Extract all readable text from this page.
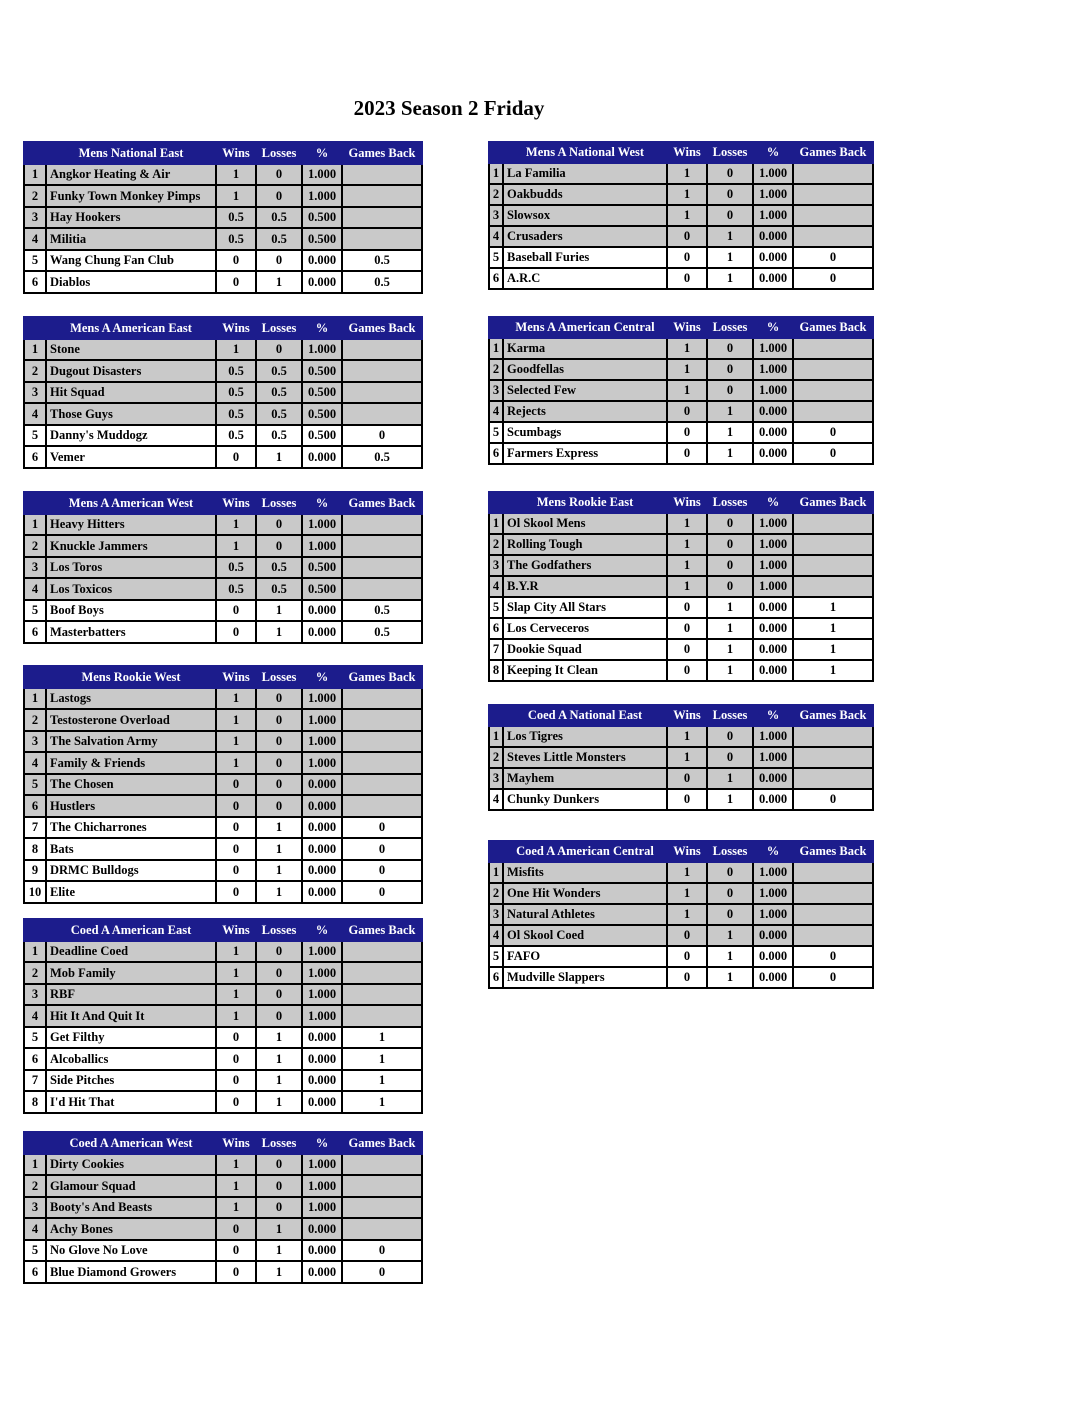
2023 Season 2 Friday
	Mens National East	Wins	Losses	%	Games Back
1	Angkor Heating & Air	1	0	1.000	
2	Funky Town Monkey Pimps	1	0	1.000	
3	Hay Hookers	0.5	0.5	0.500	
4	Militia	0.5	0.5	0.500	
5	Wang Chung Fan Club	0	0	0.000	0.5
6	Diablos	0	1	0.000	0.5
	Mens A National West	Wins	Losses	%	Games Back
1	La Familia	1	0	1.000	
2	Oakbudds	1	0	1.000	
3	Slowsox	1	0	1.000	
4	Crusaders	0	1	0.000	
5	Baseball Furies	0	1	0.000	0
6	A.R.C	0	1	0.000	0
	Mens A American East	Wins	Losses	%	Games Back
1	Stone	1	0	1.000	
2	Dugout Disasters	0.5	0.5	0.500	
3	Hit Squad	0.5	0.5	0.500	
4	Those Guys	0.5	0.5	0.500	
5	Danny's Muddogz	0.5	0.5	0.500	0
6	Vemer	0	1	0.000	0.5
	Mens A American Central	Wins	Losses	%	Games Back
1	Karma	1	0	1.000	
2	Goodfellas	1	0	1.000	
3	Selected Few	1	0	1.000	
4	Rejects	0	1	0.000	
5	Scumbags	0	1	0.000	0
6	Farmers Express	0	1	0.000	0
	Mens A American West	Wins	Losses	%	Games Back
1	Heavy Hitters	1	0	1.000	
2	Knuckle Jammers	1	0	1.000	
3	Los Toros	0.5	0.5	0.500	
4	Los Toxicos	0.5	0.5	0.500	
5	Boof Boys	0	1	0.000	0.5
6	Masterbatters	0	1	0.000	0.5
	Mens Rookie East	Wins	Losses	%	Games Back
1	Ol Skool Mens	1	0	1.000	
2	Rolling Tough	1	0	1.000	
3	The Godfathers	1	0	1.000	
4	B.Y.R	1	0	1.000	
5	Slap City All Stars	0	1	0.000	1
6	Los Cerveceros	0	1	0.000	1
7	Dookie Squad	0	1	0.000	1
8	Keeping It Clean	0	1	0.000	1
	Mens Rookie West	Wins	Losses	%	Games Back
1	Lastogs	1	0	1.000	
2	Testosterone Overload	1	0	1.000	
3	The Salvation Army	1	0	1.000	
4	Family & Friends	1	0	1.000	
5	The Chosen	0	0	0.000	
6	Hustlers	0	0	0.000	
7	The Chicharrones	0	1	0.000	0
8	Bats	0	1	0.000	0
9	DRMC Bulldogs	0	1	0.000	0
10	Elite	0	1	0.000	0
	Coed A National East	Wins	Losses	%	Games Back
1	Los Tigres	1	0	1.000	
2	Steves Little Monsters	1	0	1.000	
3	Mayhem	0	1	0.000	
4	Chunky Dunkers	0	1	0.000	0
	Coed A American Central	Wins	Losses	%	Games Back
1	Misfits	1	0	1.000	
2	One Hit Wonders	1	0	1.000	
3	Natural Athletes	1	0	1.000	
4	Ol Skool Coed	0	1	0.000	
5	FAFO	0	1	0.000	0
6	Mudville Slappers	0	1	0.000	0
	Coed A American East	Wins	Losses	%	Games Back
1	Deadline Coed	1	0	1.000	
2	Mob Family	1	0	1.000	
3	RBF	1	0	1.000	
4	Hit It And Quit It	1	0	1.000	
5	Get Filthy	0	1	0.000	1
6	Alcoballics	0	1	0.000	1
7	Side Pitches	0	1	0.000	1
8	I'd Hit That	0	1	0.000	1
	Coed A American West	Wins	Losses	%	Games Back
1	Dirty Cookies	1	0	1.000	
2	Glamour Squad	1	0	1.000	
3	Booty's And Beasts	1	0	1.000	
4	Achy Bones	0	1	0.000	
5	No Glove No Love	0	1	0.000	0
6	Blue Diamond Growers	0	1	0.000	0
